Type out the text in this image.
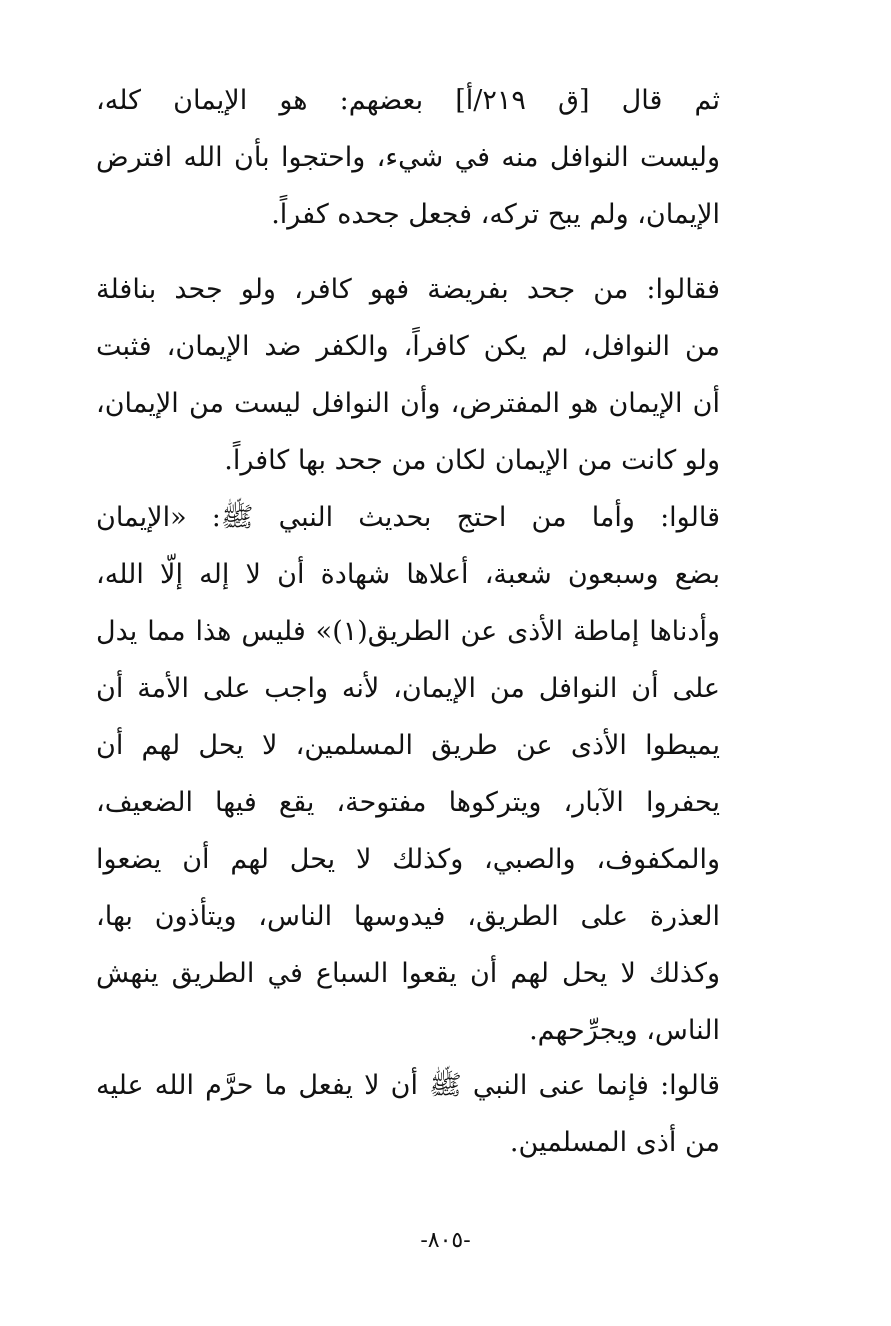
ثم قال [ق ٢١٩/أ] بعضهم: هو الإيمان كله،
وليست النوافل منه في شيء، واحتجوا بأن الله افترض
الإيمان، ولم يبح تركه، فجعل جحده كفراً.
فقالوا: من جحد بفريضة فهو كافر، ولو جحد بنافلة
من النوافل، لم يكن كافراً، والكفر ضد الإيمان، فثبت
أن الإيمان هو المفترض، وأن النوافل ليست من الإيمان،
ولو كانت من الإيمان لكان من جحد بها كافراً.
قالوا: وأما من احتج بحديث النبي ﷺ: «الإيمان
بضع وسبعون شعبة، أعلاها شهادة أن لا إله إلّا الله،
وأدناها إماطة الأذى عن الطريق(١)» فليس هذا مما يدل
على أن النوافل من الإيمان، لأنه واجب على الأمة أن
يميطوا الأذى عن طريق المسلمين، لا يحل لهم أن
يحفروا الآبار، ويتركوها مفتوحة، يقع فيها الضعيف،
والمكفوف، والصبي، وكذلك لا يحل لهم أن يضعوا
العذرة على الطريق، فيدوسها الناس، ويتأذون بها،
وكذلك لا يحل لهم أن يقعوا السباع في الطريق ينهش
الناس، ويجرِّحهم.
قالوا: فإنما عنى النبي ﷺ أن لا يفعل ما حرَّم الله عليه
من أذى المسلمين.
-٨٠٥-
